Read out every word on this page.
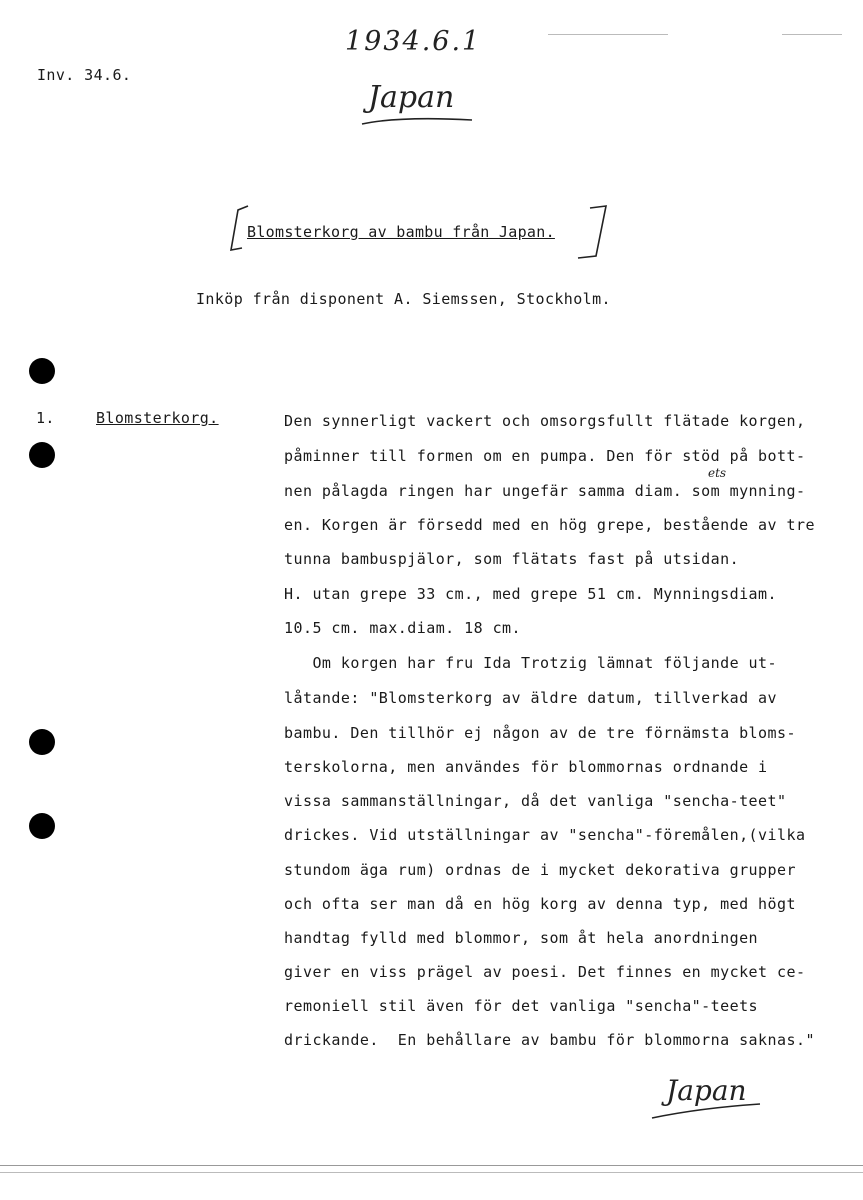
1934.6.1
Inv. 34.6.
Japan
Blomsterkorg av bambu från Japan.
Inköp från disponent A. Siemssen, Stockholm.
1.	Blomsterkorg.	Den synnerligt vackert och omsorgsfullt flätade korgen,
påminner till formen om en pumpa. Den för stöd på bott-
nen pålagda ringen har ungefär samma diam. som mynning-
en. Korgen är försedd med en hög grepe, bestående av tre
tunna bambuspjälor, som flätats fast på utsidan.
H. utan grepe 33 cm., med grepe 51 cm. Mynningsdiam.
10.5 cm. max.diam. 18 cm.
Om korgen har fru Ida Trotzig lämnat följande ut-
låtande: "Blomsterkorg av äldre datum, tillverkad av
bambu. Den tillhör ej någon av de tre förnämsta bloms-
terskolorna, men användes för blommornas ordnande i
vissa sammanställningar, då det vanliga "sencha-teet"
drickes. Vid utställningar av "sencha"-föremålen,(vilka
stundom äga rum) ordnas de i mycket dekorativa grupper
och ofta ser man då en hög korg av denna typ, med högt
handtag fylld med blommor, som åt hela anordningen
giver en viss prägel av poesi. Det finnes en mycket ce-
remoniell stil även för det vanliga "sencha"-teets
drickande.  En behållare av bambu för blommorna saknas."
ets
Japan
